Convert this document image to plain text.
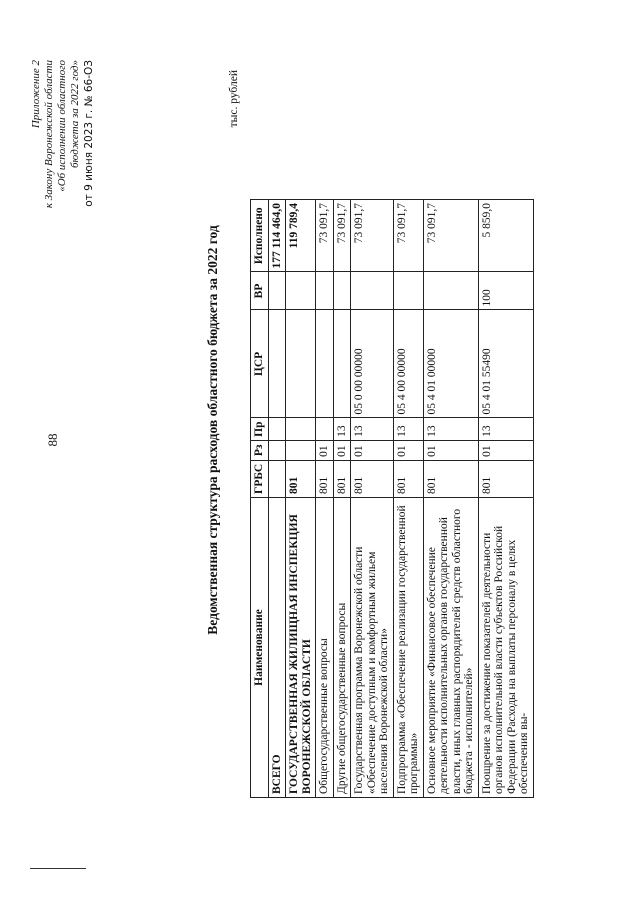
88
Приложение 2 к Закону Воронежской области «Об исполнении областного бюджета за 2022 год» от 9 июня 2023 г. № 66-ОЗ
Ведомственная структура расходов областного бюджета за 2022 год
тыс. рублей
Наименование	ГРБС	Рз	Пр	ЦСР	ВР	Исполнено
ВСЕГО						177 114 464,0
ГОСУДАРСТВЕННАЯ ЖИЛИЩНАЯ ИНСПЕКЦИЯ ВОРОНЕЖСКОЙ ОБЛАСТИ	801					119 789,4
Общегосударственные вопросы	801	01				73 091,7
Другие общегосударственные вопросы	801	01	13			73 091,7
Государственная программа Воронежской области «Обеспечение доступным и комфортным жильем населения Воронежской области»	801	01	13	05 0 00 00000		73 091,7
Подпрограмма «Обеспечение реализации государственной программы»	801	01	13	05 4 00 00000		73 091,7
Основное мероприятие «Финансовое обеспечение деятельности исполнительных органов государственной власти, иных главных распорядителей средств областного бюджета - исполнителей»	801	01	13	05 4 01 00000		73 091,7
Поощрение за достижение показателей деятельности органов исполнительной власти субъектов Российской Федерации (Расходы на выплаты персоналу в целях обеспечения вы-	801	01	13	05 4 01 55490	100	5 859,0
